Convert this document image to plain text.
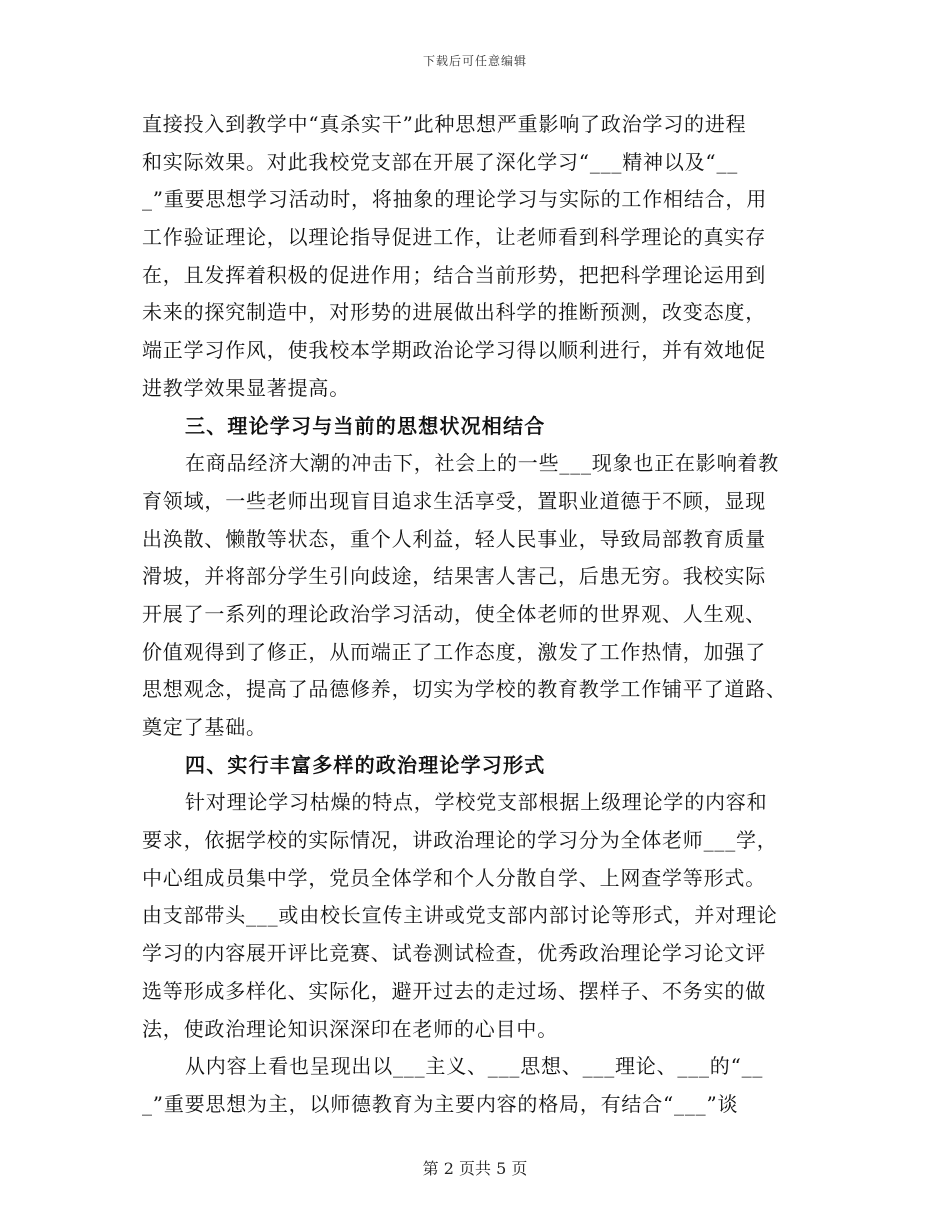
下载后可任意编辑
直接投入到教学中“真杀实干”此种思想严重影响了政治学习的进程
和实际效果。对此我校党支部在开展了深化学习“___精神以及“__
_”重要思想学习活动时，将抽象的理论学习与实际的工作相结合，用
工作验证理论，以理论指导促进工作，让老师看到科学理论的真实存
在，且发挥着积极的促进作用；结合当前形势，把把科学理论运用到
未来的探究制造中，对形势的进展做出科学的推断预测，改变态度，
端正学习作风，使我校本学期政治论学习得以顺利进行，并有效地促
进教学效果显著提高。
三、理论学习与当前的思想状况相结合
在商品经济大潮的冲击下，社会上的一些___现象也正在影响着教
育领域，一些老师出现盲目追求生活享受，置职业道德于不顾，显现
出涣散、懒散等状态，重个人利益，轻人民事业，导致局部教育质量
滑坡，并将部分学生引向歧途，结果害人害己，后患无穷。我校实际
开展了一系列的理论政治学习活动，使全体老师的世界观、人生观、
价值观得到了修正，从而端正了工作态度，激发了工作热情，加强了
思想观念，提高了品德修养，切实为学校的教育教学工作铺平了道路、
奠定了基础。
四、实行丰富多样的政治理论学习形式
针对理论学习枯燥的特点，学校党支部根据上级理论学的内容和
要求，依据学校的实际情况，讲政治理论的学习分为全体老师___学，
中心组成员集中学，党员全体学和个人分散自学、上网查学等形式。
由支部带头___或由校长宣传主讲或党支部内部讨论等形式，并对理论
学习的内容展开评比竞赛、试卷测试检查，优秀政治理论学习论文评
选等形成多样化、实际化，避开过去的走过场、摆样子、不务实的做
法，使政治理论知识深深印在老师的心目中。
从内容上看也呈现出以___主义、___思想、___理论、___的“__
_”重要思想为主，以师德教育为主要内容的格局，有结合“___”谈
第 2 页共 5 页
